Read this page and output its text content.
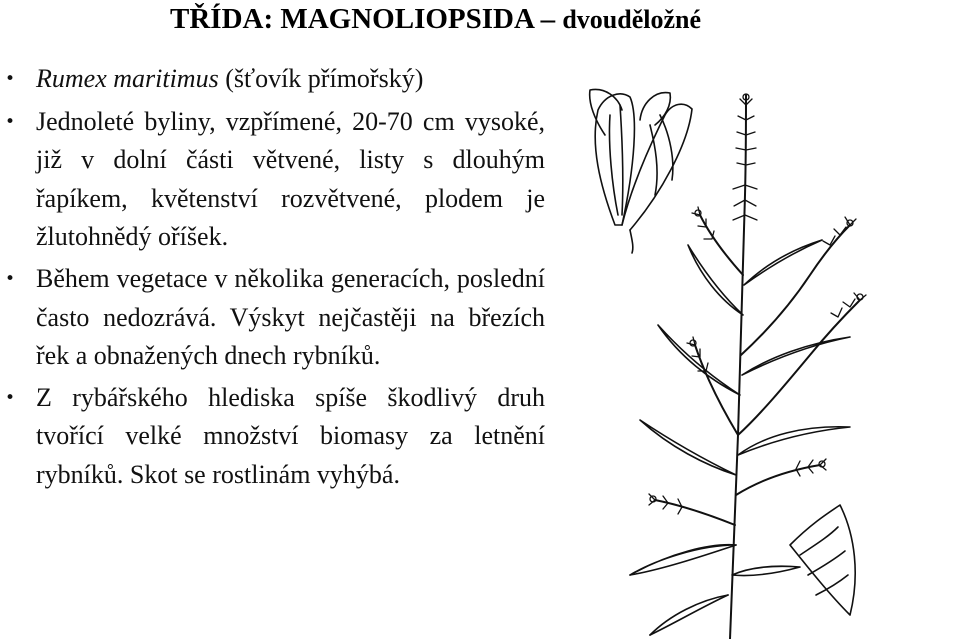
TŘÍDA: MAGNOLIOPSIDA – dvouděložné
• Rumex maritimus (šťovík přímořský)
• Jednoleté byliny, vzpřímené, 20-70 cm vysoké, již v dolní části větvené, listy s dlouhým řapíkem, květenství rozvětvené, plodem je žlutohnědý oříšek.
• Během vegetace v několika generacích, poslední často nedozrává. Výskyt nejčastěji na březích řek a obnažených dnech rybníků.
• Z rybářského hlediska spíše škodlivý druh tvořící velké množství biomasy za letnění rybníků. Skot se rostlinám vyhýbá.
